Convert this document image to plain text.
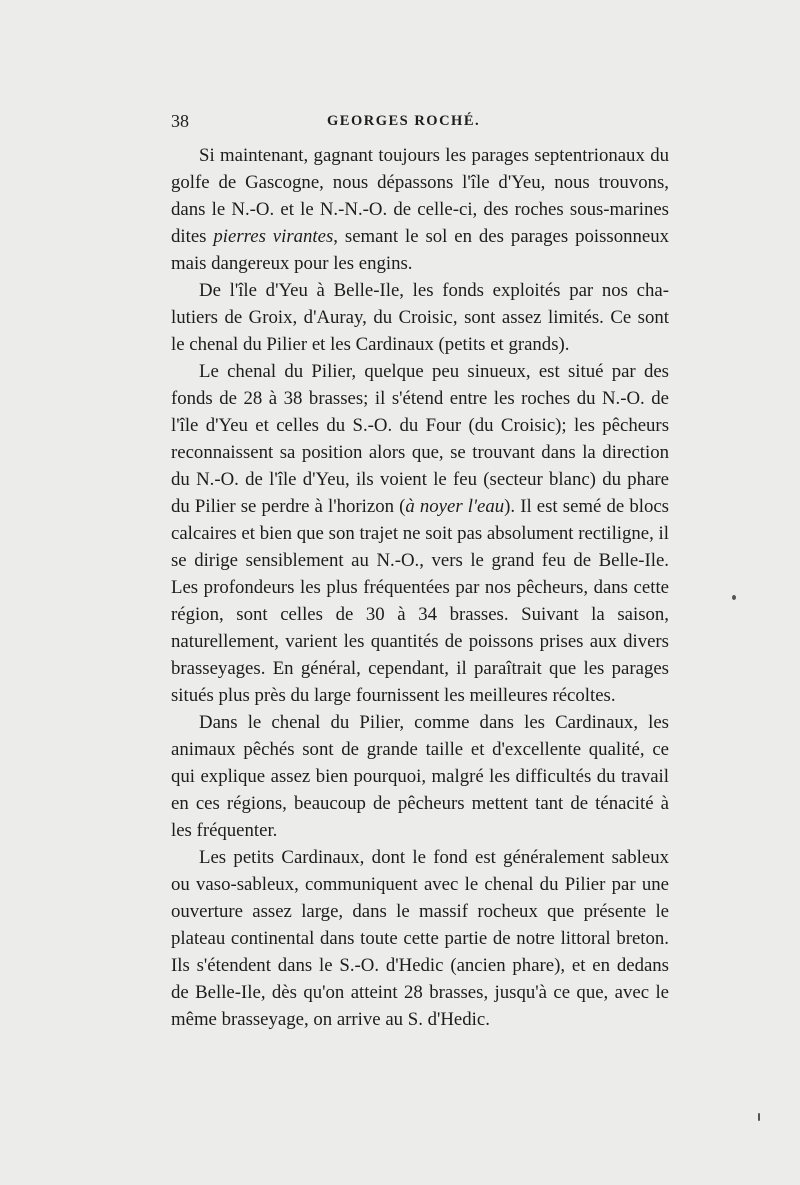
38	GEORGES ROCHÉ.

Si maintenant, gagnant toujours les parages septentrionaux du golfe de Gascogne, nous dépassons l'île d'Yeu, nous trouvons, dans le N.-O. et le N.-N.-O. de celle-ci, des roches sous-marines dites pierres virantes, semant le sol en des parages poissonneux mais dangereux pour les engins.

De l'île d'Yeu à Belle-Ile, les fonds exploités par nos chalutiers de Groix, d'Auray, du Croisic, sont assez limités. Ce sont le chenal du Pilier et les Cardinaux (petits et grands).

Le chenal du Pilier, quelque peu sinueux, est situé par des fonds de 28 à 38 brasses; il s'étend entre les roches du N.-O. de l'île d'Yeu et celles du S.-O. du Four (du Croisic); les pêcheurs reconnaissent sa position alors que, se trouvant dans la direction du N.-O. de l'île d'Yeu, ils voient le feu (secteur blanc) du phare du Pilier se perdre à l'horizon (à noyer l'eau). Il est semé de blocs calcaires et bien que son trajet ne soit pas absolument rectiligne, il se dirige sensiblement au N.-O., vers le grand feu de Belle-Ile. Les profondeurs les plus fréquentées par nos pêcheurs, dans cette région, sont celles de 30 à 34 brasses. Suivant la saison, naturellement, varient les quantités de poissons prises aux divers brasseyages. En général, cependant, il paraîtrait que les parages situés plus près du large fournissent les meilleures récoltes.

Dans le chenal du Pilier, comme dans les Cardinaux, les animaux pêchés sont de grande taille et d'excellente qualité, ce qui explique assez bien pourquoi, malgré les difficultés du travail en ces régions, beaucoup de pêcheurs mettent tant de ténacité à les fréquenter.

Les petits Cardinaux, dont le fond est généralement sableux ou vaso-sableux, communiquent avec le chenal du Pilier par une ouverture assez large, dans le massif rocheux que présente le plateau continental dans toute cette partie de notre littoral breton. Ils s'étendent dans le S.-O. d'Hedic (ancien phare), et en dedans de Belle-Ile, dès qu'on atteint 28 brasses, jusqu'à ce que, avec le même brasseyage, on arrive au S. d'Hedic.
